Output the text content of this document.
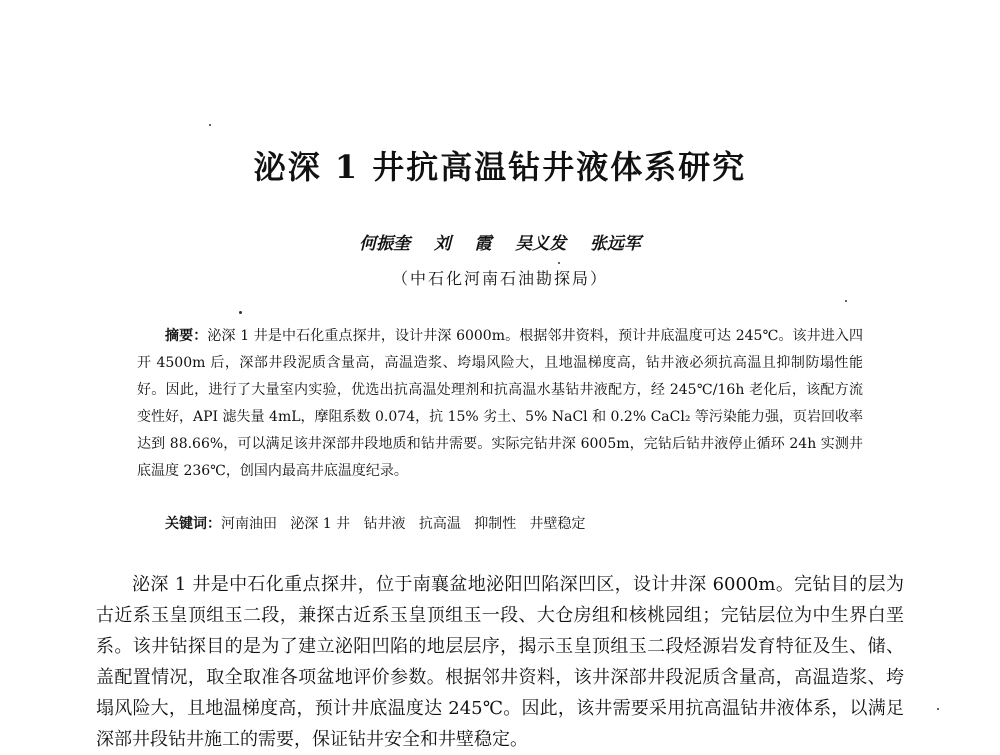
泌深 1 井抗高温钻井液体系研究
何振奎    刘    霞    吴义发    张远军
（中石化河南石油勘探局）
摘要：泌深 1 井是中石化重点探井，设计井深 6000m。根据邻井资料，预计井底温度可达 245℃。该井进入四开 4500m 后，深部井段泥质含量高，高温造浆、垮塌风险大，且地温梯度高，钻井液必须抗高温且抑制防塌性能好。因此，进行了大量室内实验，优选出抗高温处理剂和抗高温水基钻井液配方，经 245℃/16h 老化后，该配方流变性好，API 滤失量 4mL，摩阻系数 0.074，抗 15% 劣土、5% NaCl 和 0.2% CaCl₂ 等污染能力强，页岩回收率达到 88.66%，可以满足该井深部井段地质和钻井需要。实际完钻井深 6005m，完钻后钻井液停止循环 24h 实测井底温度 236℃，创国内最高井底温度纪录。
关键词：河南油田   泌深 1 井   钻井液   抗高温   抑制性   井壁稳定
泌深 1 井是中石化重点探井，位于南襄盆地泌阳凹陷深凹区，设计井深 6000m。完钻目的层为古近系玉皇顶组玉二段，兼探古近系玉皇顶组玉一段、大仓房组和核桃园组；完钻层位为中生界白垩系。该井钻探目的是为了建立泌阳凹陷的地层层序，揭示玉皇顶组玉二段烃源岩发育特征及生、储、盖配置情况，取全取准各项盆地评价参数。根据邻井资料，该井深部井段泥质含量高，高温造浆、垮塌风险大，且地温梯度高，预计井底温度达 245℃。因此，该井需要采用抗高温钻井液体系，以满足深部井段钻井施工的需要，保证钻井安全和井壁稳定。
